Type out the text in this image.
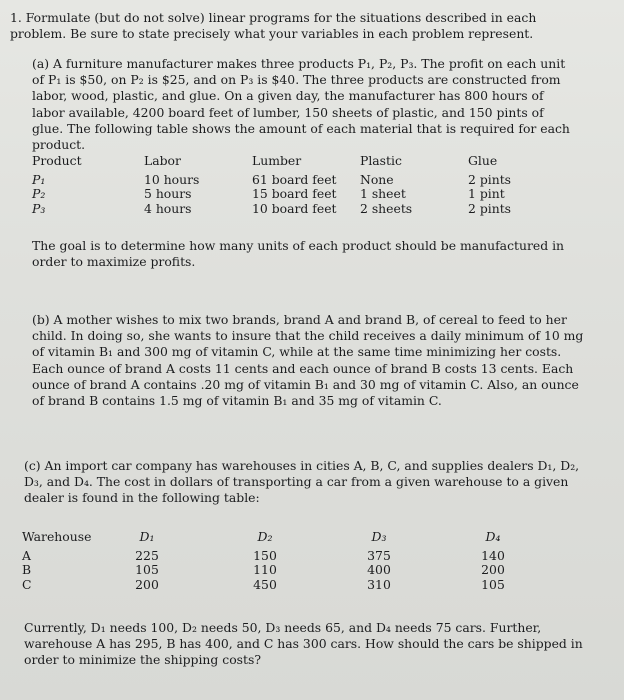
1. Formulate (but do not solve) linear programs for the situations described in each problem. Be sure to state precisely what your variables in each problem represent.

(a) A furniture manufacturer makes three products P₁, P₂, P₃. The profit on each unit of P₁ is $50, on P₂ is $25, and on P₃ is $40. The three products are constructed from labor, wood, plastic, and glue. On a given day, the manufacturer has 800 hours of labor available, 4200 board feet of lumber, 150 sheets of plastic, and 150 pints of glue. The following table shows the amount of each material that is required for each product.

Product
P₁
P₂
P₃
Labor
10 hours
5 hours
4 hours
Lumber
61 board feet
15 board feet
10 board feet
Plastic
None
1 sheet
2 sheets
Glue
2 pints
1 pint
2 pints

The goal is to determine how many units of each product should be manufactured in order to maximize profits.

(b) A mother wishes to mix two brands, brand A and brand B, of cereal to feed to her child. In doing so, she wants to insure that the child receives a daily minimum of 10 mg of vitamin B₁ and 300 mg of vitamin C, while at the same time minimizing her costs. Each ounce of brand A costs 11 cents and each ounce of brand B costs 13 cents. Each ounce of brand A contains .20 mg of vitamin B₁ and 30 mg of vitamin C. Also, an ounce of brand B contains 1.5 mg of vitamin B₁ and 35 mg of vitamin C.

(c) An import car company has warehouses in cities A, B, C, and supplies dealers D₁, D₂, D₃, and D₄. The cost in dollars of transporting a car from a given warehouse to a given dealer is found in the following table:

Warehouse
A
B
C
D₁
225
105
200
D₂
150
110
450
D₃
375
400
310
D₄
140
200
105

Currently, D₁ needs 100, D₂ needs 50, D₃ needs 65, and D₄ needs 75 cars. Further, warehouse A has 295, B has 400, and C has 300 cars. How should the cars be shipped in order to minimize the shipping costs?
